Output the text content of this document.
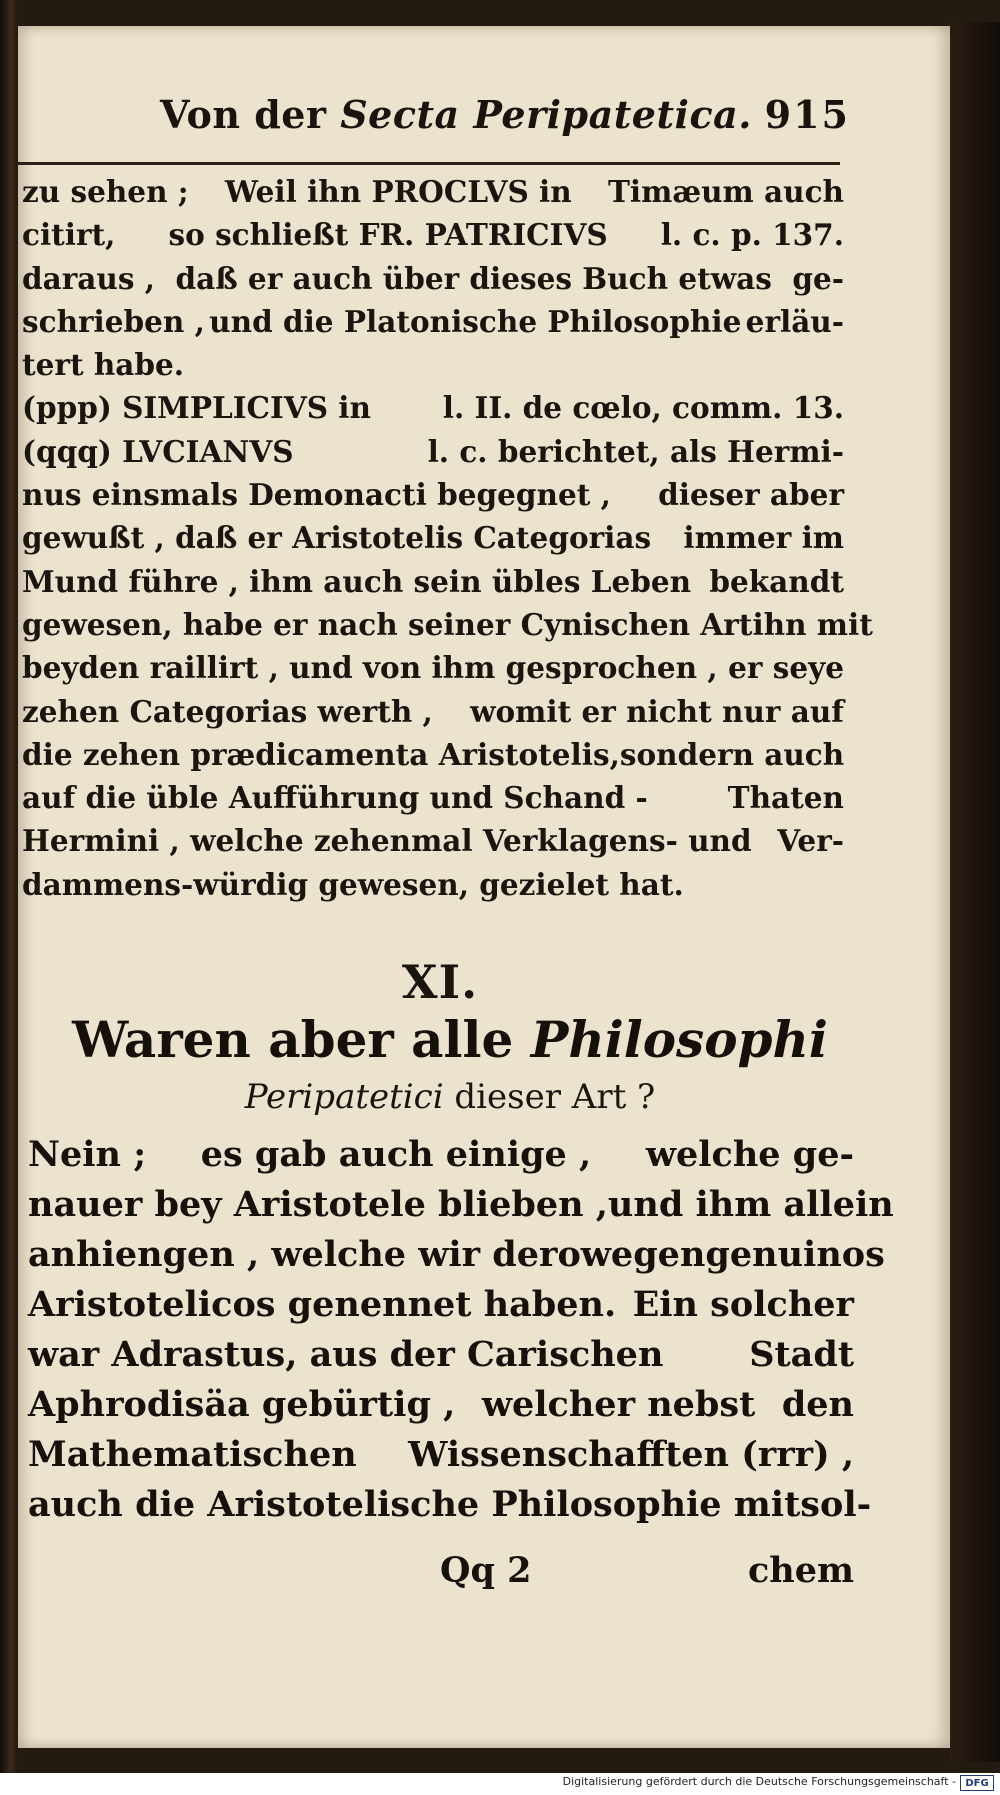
Von der Secta Peripatetica. 915
zu sehen ; Weil ihn PROCLVS in Timæum auch
citirt, so schließt FR. PATRICIVS l. c. p. 137.
daraus , daß er auch über dieses Buch etwas ge-
schrieben , und die Platonische Philosophie erläu-
tert habe.
(ppp) SIMPLICIVS in l. II. de cœlo, comm. 13.
(qqq) LVCIANVS	l. c. berichtet, als Hermi-
nus einsmals Demonacti begegnet , dieser aber
gewußt , daß er Aristotelis Categorias immer im
Mund führe , ihm auch sein übles Leben bekandt
gewesen, habe er nach seiner Cynischen Art ihn mit
beyden raillirt , und von ihm gesprochen , er seye
zehen Categorias werth , womit er nicht nur auf
die zehen prædicamenta Aristotelis, sondern auch
auf die üble Aufführung und Schand -	Thaten
Hermini , welche zehenmal Verklagens- und Ver-
dammens-würdig gewesen, gezielet hat.
XI.
Waren aber alle Philosophi
Peripatetici dieser Art ?
Nein ; es gab auch einige , welche ge-
nauer bey Aristotele blieben , und ihm allein
anhiengen , welche wir derowegen genuinos
Aristotelicos genennet haben. Ein solcher
war Adrastus, aus der Carischen Stadt
Aphrodisäa gebürtig , welcher nebst den
Mathematischen Wissenschafften (rrr) ,
auch die Aristotelische Philosophie mit sol-
Qq 2	chem
Digitalisierung gefördert durch die Deutsche Forschungsgemeinschaft - DFG
